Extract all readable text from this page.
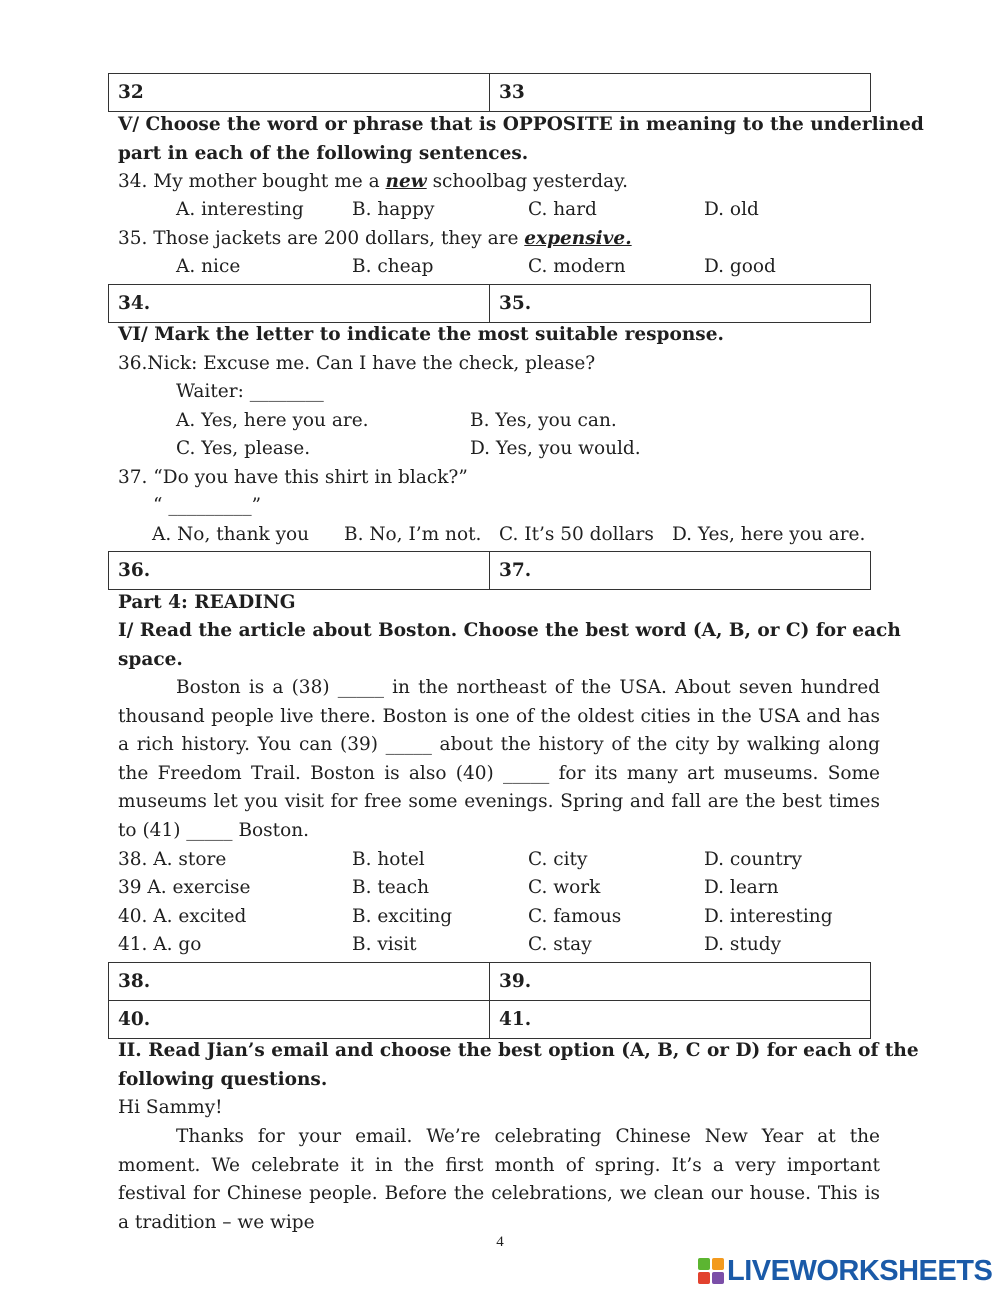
32	33
V/ Choose the word or phrase that is OPPOSITE in meaning to the underlined
part in each of the following sentences.
34. My mother bought me a new schoolbag yesterday.
A. interesting	B. happy	C. hard	D. old
35. Those jackets are 200 dollars, they are expensive.
A. nice	B. cheap	C. modern	D. good
34.	35.
VI/ Mark the letter to indicate the most suitable response.
36.Nick: Excuse me. Can I have the check, please?
Waiter: ________
A. Yes, here you are.	B. Yes, you can.
C. Yes, please.	D. Yes, you would.
37. “Do you have this shirt in black?”
“ _________”
A. No, thank you B. No, I’m not. C. It’s 50 dollars D. Yes, here you are.
36.	37.
Part 4: READING
I/ Read the article about Boston. Choose the best word (A, B, or C) for each
space.

Boston is a (38) _____ in the northeast of the USA. About seven hundred thousand people live there. Boston is one of the oldest cities in the USA and has a rich history. You can (39) _____ about the history of the city by walking along the Freedom Trail. Boston is also (40) _____ for its many art museums. Some museums let you visit for free some evenings. Spring and fall are the best times to (41) _____ Boston.

38. A. store	B. hotel	C. city	D. country
39 A. exercise	B. teach	C. work	D. learn
40. A. excited	B. exciting	C. famous	D. interesting
41. A. go	B. visit	C. stay	D. study
38.	39.
40.	41.
II. Read Jian’s email and choose the best option (A, B, C or D) for each of the
following questions.
Hi Sammy!

Thanks for your email. We’re celebrating Chinese New Year at the moment. We celebrate it in the first month of spring. It’s a very important festival for Chinese people. Before the celebrations, we clean our house. This is a tradition – we wipe

4
LIVEWORKSHEETS
